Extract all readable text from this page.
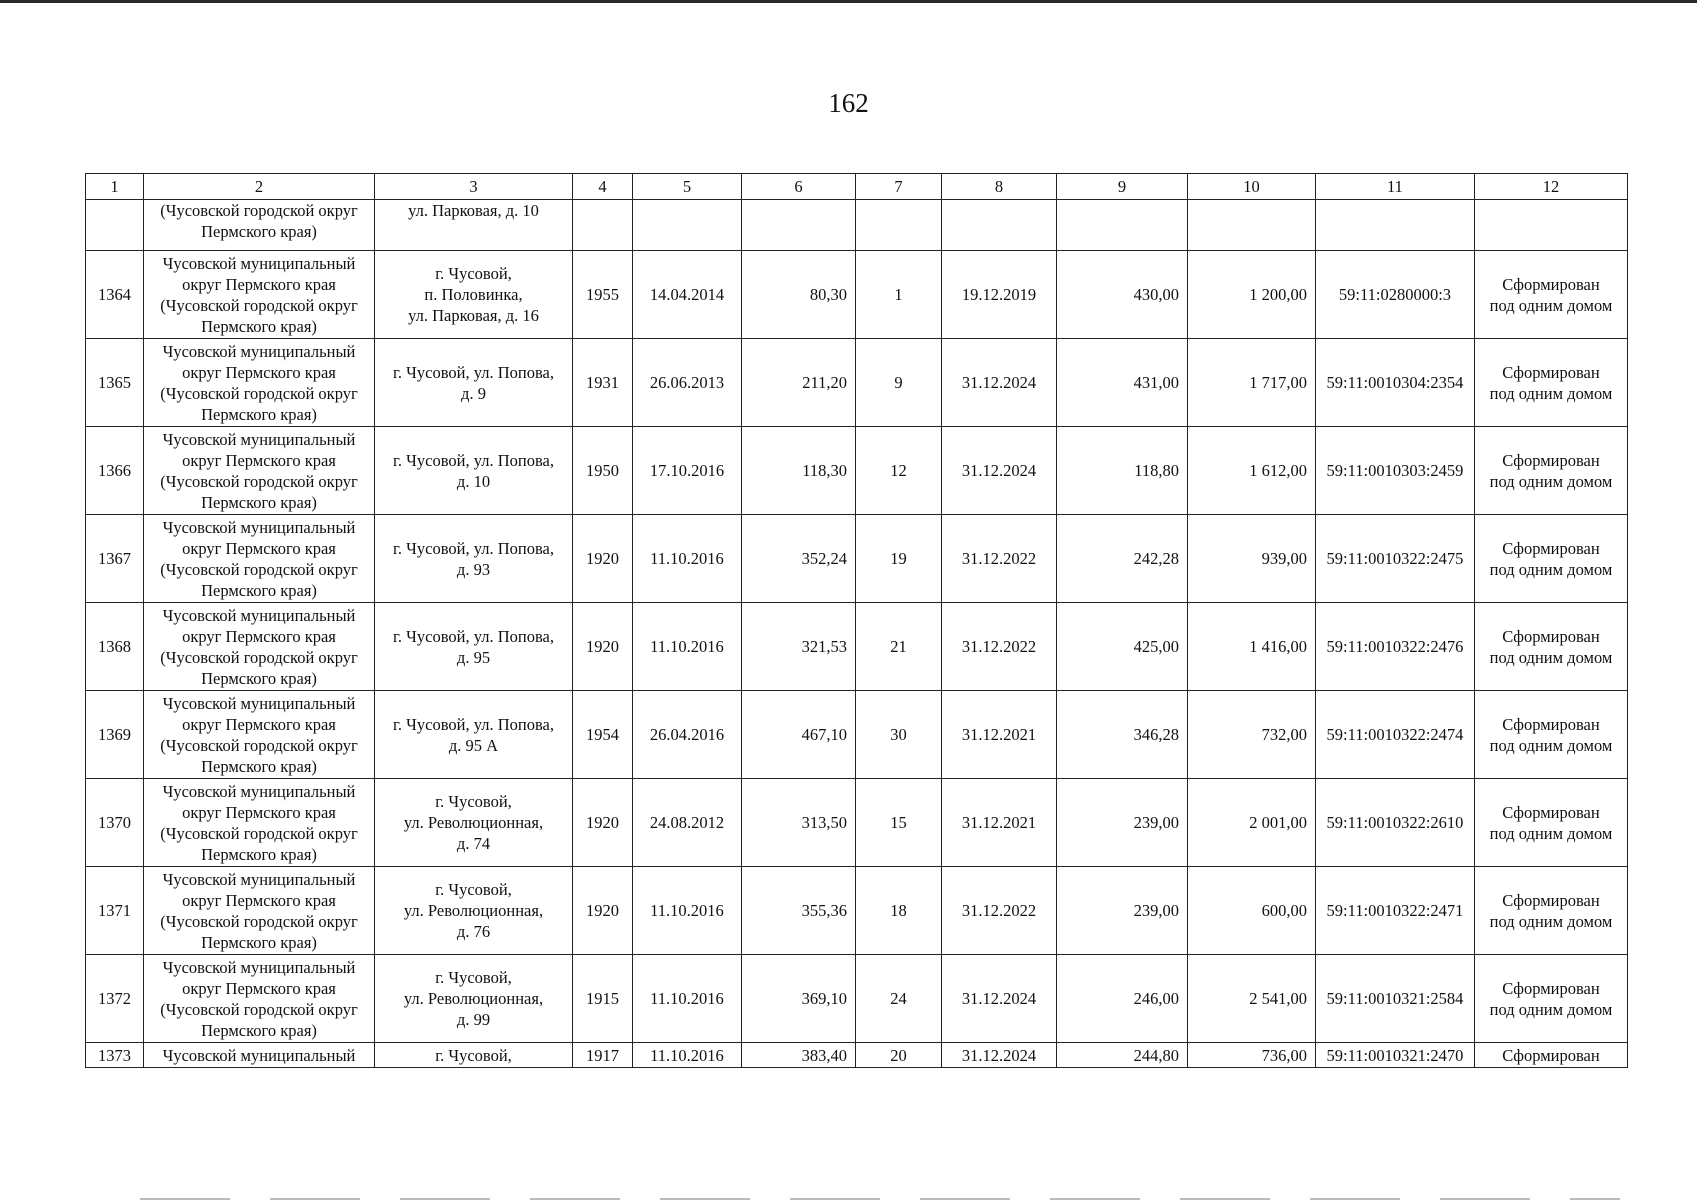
162
1	2	3	4	5	6	7	8	9	10	11	12

	(Чусовской городской округ
Пермского края)	ул. Парковая, д. 10									

1364	Чусовской муниципальный
округ Пермского края
(Чусовской городской округ
Пермского края)	г. Чусовой,
п. Половинка,
ул. Парковая, д. 16	1955	14.04.2014	80,30	1	19.12.2019	430,00	1 200,00	59:11:0280000:3	Сформирован
под одним домом

1365	Чусовской муниципальный
округ Пермского края
(Чусовской городской округ
Пермского края)	г. Чусовой, ул. Попова,
д. 9	1931	26.06.2013	211,20	9	31.12.2024	431,00	1 717,00	59:11:0010304:2354	Сформирован
под одним домом

1366	Чусовской муниципальный
округ Пермского края
(Чусовской городской округ
Пермского края)	г. Чусовой, ул. Попова,
д. 10	1950	17.10.2016	118,30	12	31.12.2024	118,80	1 612,00	59:11:0010303:2459	Сформирован
под одним домом

1367	Чусовской муниципальный
округ Пермского края
(Чусовской городской округ
Пермского края)	г. Чусовой, ул. Попова,
д. 93	1920	11.10.2016	352,24	19	31.12.2022	242,28	939,00	59:11:0010322:2475	Сформирован
под одним домом

1368	Чусовской муниципальный
округ Пермского края
(Чусовской городской округ
Пермского края)	г. Чусовой, ул. Попова,
д. 95	1920	11.10.2016	321,53	21	31.12.2022	425,00	1 416,00	59:11:0010322:2476	Сформирован
под одним домом

1369	Чусовской муниципальный
округ Пермского края
(Чусовской городской округ
Пермского края)	г. Чусовой, ул. Попова,
д. 95 А	1954	26.04.2016	467,10	30	31.12.2021	346,28	732,00	59:11:0010322:2474	Сформирован
под одним домом

1370	Чусовской муниципальный
округ Пермского края
(Чусовской городской округ
Пермского края)	г. Чусовой,
ул. Революционная,
д. 74	1920	24.08.2012	313,50	15	31.12.2021	239,00	2 001,00	59:11:0010322:2610	Сформирован
под одним домом

1371	Чусовской муниципальный
округ Пермского края
(Чусовской городской округ
Пермского края)	г. Чусовой,
ул. Революционная,
д. 76	1920	11.10.2016	355,36	18	31.12.2022	239,00	600,00	59:11:0010322:2471	Сформирован
под одним домом

1372	Чусовской муниципальный
округ Пермского края
(Чусовской городской округ
Пермского края)	г. Чусовой,
ул. Революционная,
д. 99	1915	11.10.2016	369,10	24	31.12.2024	246,00	2 541,00	59:11:0010321:2584	Сформирован
под одним домом

1373	Чусовской муниципальный	г. Чусовой,	1917	11.10.2016	383,40	20	31.12.2024	244,80	736,00	59:11:0010321:2470	Сформирован
